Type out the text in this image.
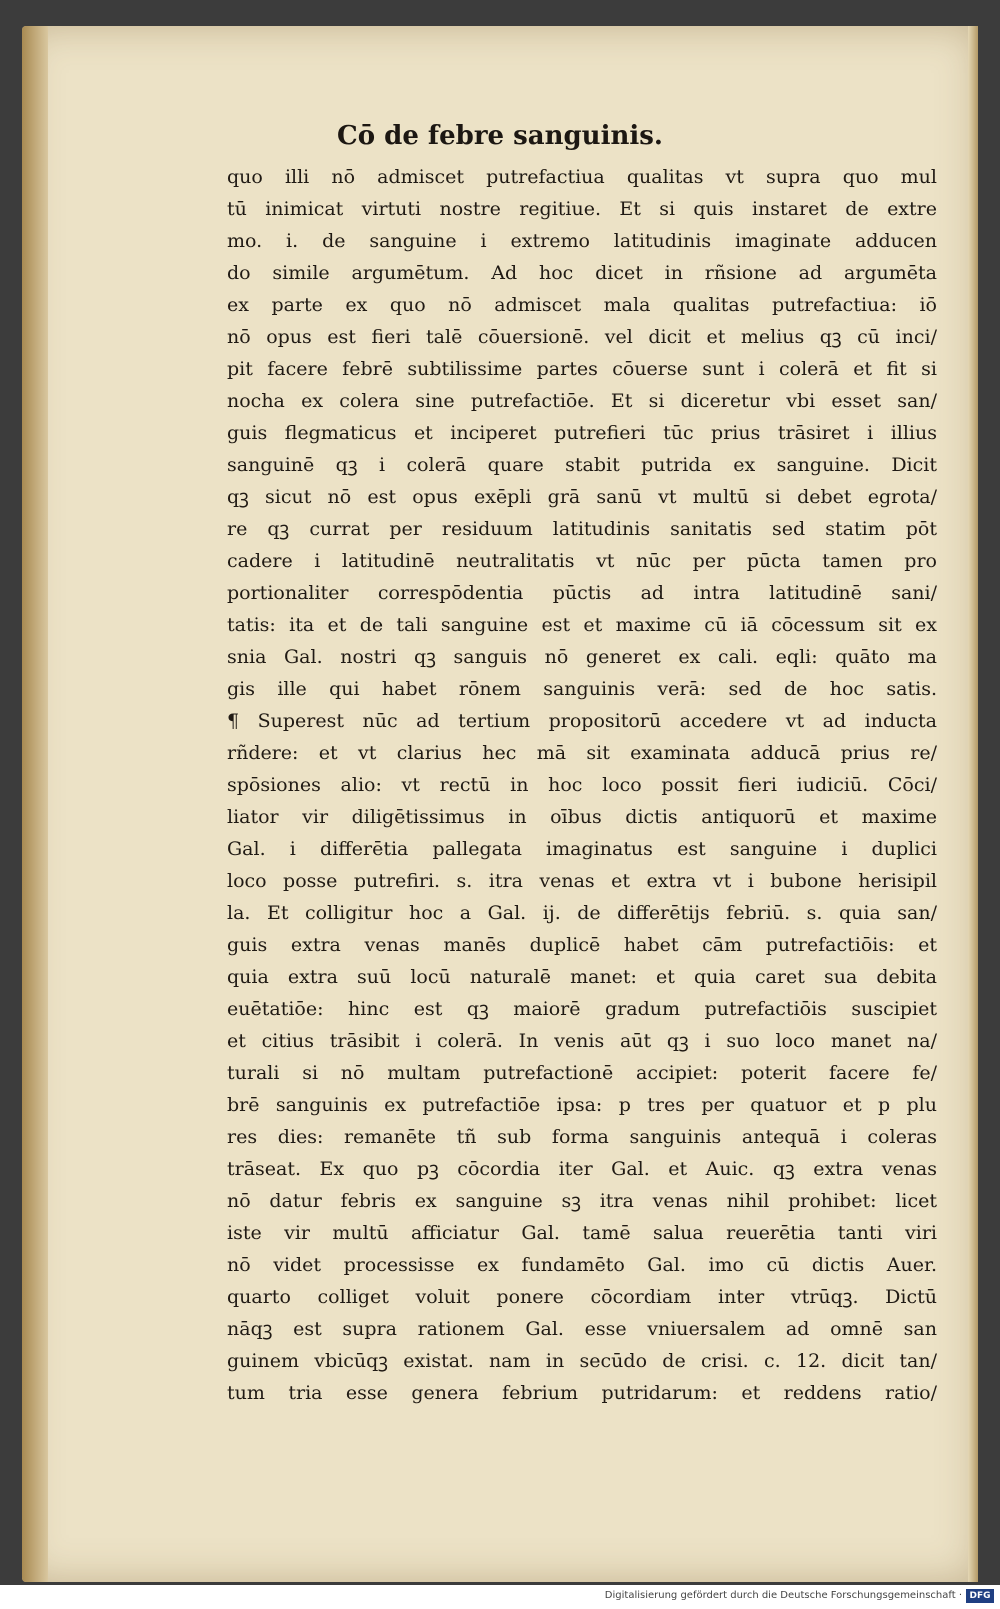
Cō de febre sanguinis.
quo illi nō admiscet putrefactiua qualitas vt supra quo mul
tū inimicat virtuti nostre regitiue. Et si quis instaret de extre
mo. i. de sanguine i extremo latitudinis imaginate adducen
do simile argumētum. Ad hoc dicet in rñsione ad argumēta
ex parte ex quo nō admiscet mala qualitas putrefactiua: iō
nō opus est fieri talē cōuersionē. vel dicit et melius qꝫ cū inci/
pit facere febrē subtilissime partes cōuerse sunt i colerā et fit si
nocha ex colera sine putrefactiōe. Et si diceretur vbi esset san/
guis flegmaticus et inciperet putrefieri tūc prius trāsiret i illius
sanguinē qꝫ i colerā quare stabit putrida ex sanguine. Dicit
qꝫ sicut nō est opus exēpli grā sanū vt multū si debet egrota/
re qꝫ currat per residuum latitudinis sanitatis sed statim pōt
cadere i latitudinē neutralitatis vt nūc per pūcta tamen pro
portionaliter correspōdentia pūctis ad intra latitudinē sani/
tatis: ita et de tali sanguine est et maxime cū iā cōcessum sit ex
snia Gal. nostri qꝫ sanguis nō generet ex cali. eqli: quāto ma
gis ille qui habet rōnem sanguinis verā: sed de hoc satis.
¶ Superest nūc ad tertium propositorū accedere vt ad inducta
rñdere: et vt clarius hec mā sit examinata adducā prius re/
spōsiones alio: vt rectū in hoc loco possit fieri iudiciū. Cōci/
liator vir diligētissimus in oībus dictis antiquorū et maxime
Gal. i differētia pallegata imaginatus est sanguine i duplici
loco posse putrefiri. s. itra venas et extra vt i bubone herisipil
la. Et colligitur hoc a Gal. ij. de differētijs febriū. s. quia san/
guis extra venas manēs duplicē habet cām putrefactiōis: et
quia extra suū locū naturalē manet: et quia caret sua debita
euētatiōe: hinc est qꝫ maiorē gradum putrefactiōis suscipiet
et citius trāsibit i colerā. In venis aūt qꝫ i suo loco manet na/
turali si nō multam putrefactionē accipiet: poterit facere fe/
brē sanguinis ex putrefactiōe ipsa: p tres per quatuor et p plu
res dies: remanēte tñ sub forma sanguinis antequā i coleras
trāseat. Ex quo pꝫ cōcordia iter Gal. et Auic. qꝫ extra venas
nō datur febris ex sanguine sꝫ itra venas nihil prohibet: licet
iste vir multū afficiatur Gal. tamē salua reuerētia tanti viri
nō videt processisse ex fundamēto Gal. imo cū dictis Auer.
quarto colliget voluit ponere cōcordiam inter vtrūqꝫ. Dictū
nāqꝫ est supra rationem Gal. esse vniuersalem ad omnē san
guinem vbicūqꝫ existat. nam in secūdo de crisi. c. 12. dicit tan/
tum tria esse genera febrium putridarum: et reddens ratio/
Digitalisierung gefördert durch die Deutsche Forschungsgemeinschaft · DFG
